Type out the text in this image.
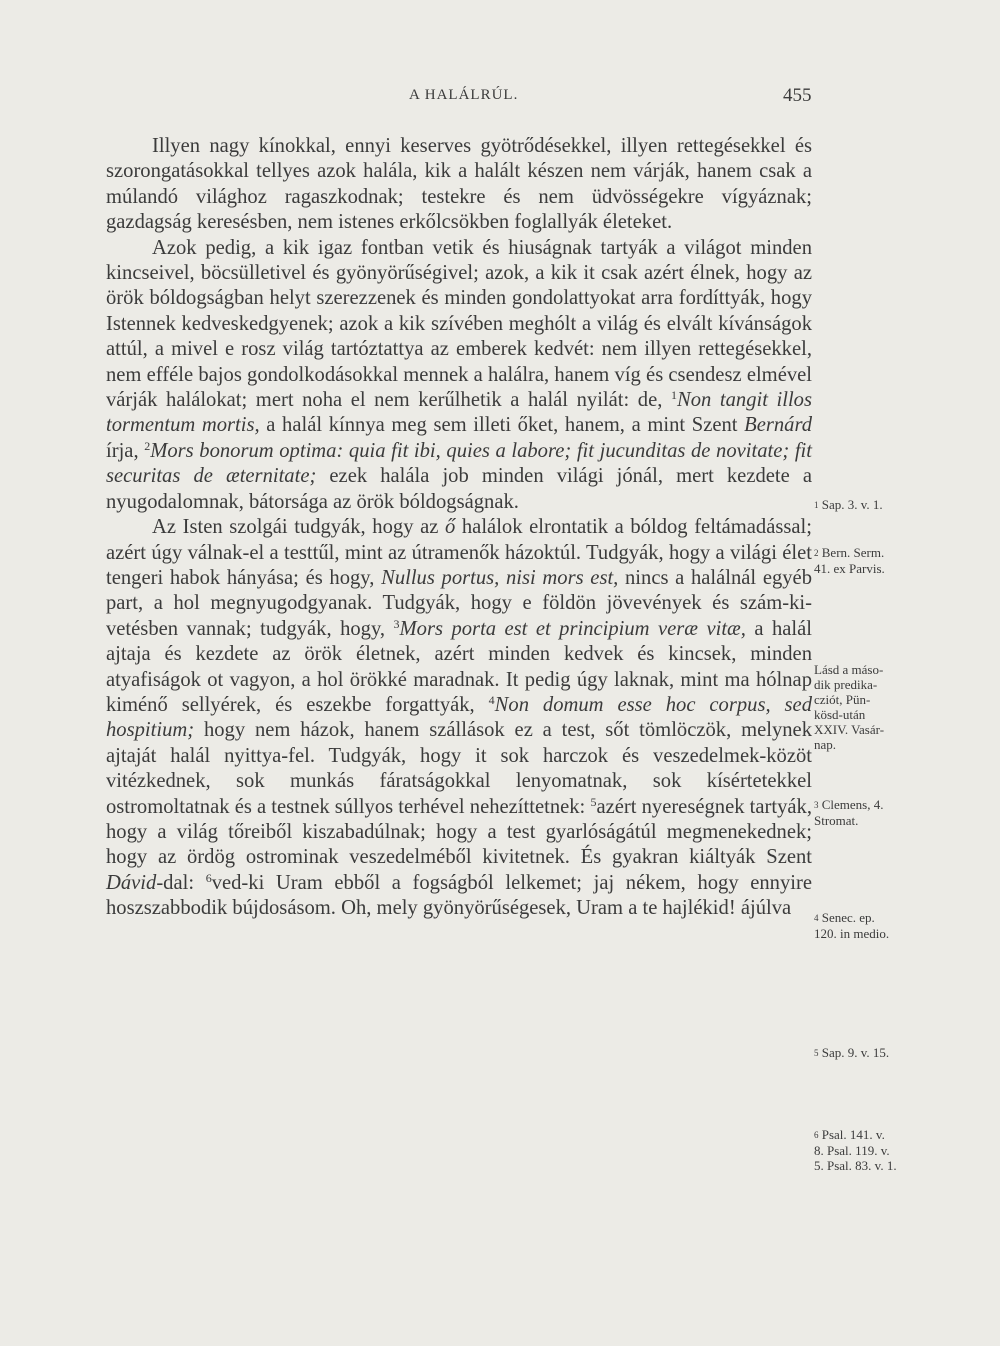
A HALÁLRÚL.	455

Illyen nagy kínokkal, ennyi keserves gyötrődésekkel, illyen rettegésekkel és szorongatásokkal tellyes azok halála, kik a halált készen nem várják, hanem csak a múlandó világhoz ragaszkodnak; testekre és nem üdvösségekre vígyáznak; gazdagság keresésben, nem istenes erkőlcsökben foglallyák életeket.

Azok pedig, a kik igaz fontban vetik és hiuságnak tartyák a világot minden kincseivel, böcsülletivel és gyönyörűségivel; azok, a kik it csak azért élnek, hogy az örök bóldogságban helyt szerezzenek és minden gondolattyokat arra fordíttyák, hogy Istennek kedveskedgyenek; azok a kik szívében meghólt a világ és elvált kívánságok attúl, a mivel e rosz világ tartóztattya az emberek kedvét: nem illyen rettegésekkel, nem efféle bajos gondolkodásokkal mennek a halálra, hanem víg és csendesz elmével várják halálokat; mert noha el nem kerűlhetik a halál nyilát: de, $^1$Non tangit illos tormentum mortis, a halál kínnya meg sem illeti őket, hanem, a mint Szent Bernárd írja, $^2$Mors bonorum optima: quia fit ibi, quies a labore; fit jucunditas de novitate; fit securitas de æternitate; ezek halála job minden világi jónál, mert kezdete a nyugodalomnak, bátorsága az örök bóldogságnak.

Az Isten szolgái tudgyák, hogy az ő halálok elrontatik a bóldog feltámadással; azért úgy válnak-el a testtűl, mint az útramenők házoktúl. Tudgyák, hogy a világi élet tengeri habok hányása; és hogy, Nullus portus, nisi mors est, nincs a halálnál egyéb part, a hol megnyugodgyanak. Tudgyák, hogy e földön jövevények és szám-ki-vetésben vannak; tudgyák, hogy, $^3$Mors porta est et principium veræ vitæ, a halál ajtaja és kezdete az örök életnek, azért minden kedvek és kincsek, minden atyafiságok ot vagyon, a hol örökké maradnak. It pedig úgy laknak, mint ma hólnap kiménő sellyérek, és eszekbe forgattyák, $^4$Non domum esse hoc corpus, sed hospitium; hogy nem házok, hanem szállások ez a test, sőt tömlöczök, melynek ajtaját halál nyittya-fel. Tudgyák, hogy it sok harczok és veszedelmek-közöt vitézkednek, sok munkás fáratságokkal lenyomatnak, sok kísértetekkel ostromoltatnak és a testnek súllyos terhével nehezíttetnek: $^5$azért nyereségnek tartyák, hogy a világ tőreiből kiszabadúlnak; hogy a test gyarlóságátúl megmenekednek; hogy az ördög ostrominak veszedelméből kivitetnek. És gyakran kiáltyák Szent Dávid-dal: $^6$ved-ki Uram ebből a fogságból lelkemet; jaj nékem, hogy ennyire hoszszabbodik bújdosásom. Oh, mely gyönyörűségesek, Uram a te hajlékid! ájúlva

1 Sap. 3. v. 1.
2 Bern. Serm.
41. ex Parvis.
Lásd a máso-
dik predika-
cziót, Pün-
kösd-után
XXIV. Vasár-
nap.
3 Clemens, 4.
Stromat.
4 Senec. ep.
120. in medio.
5 Sap. 9. v. 15.
6 Psal. 141. v.
8. Psal. 119. v.
5. Psal. 83. v. 1.
